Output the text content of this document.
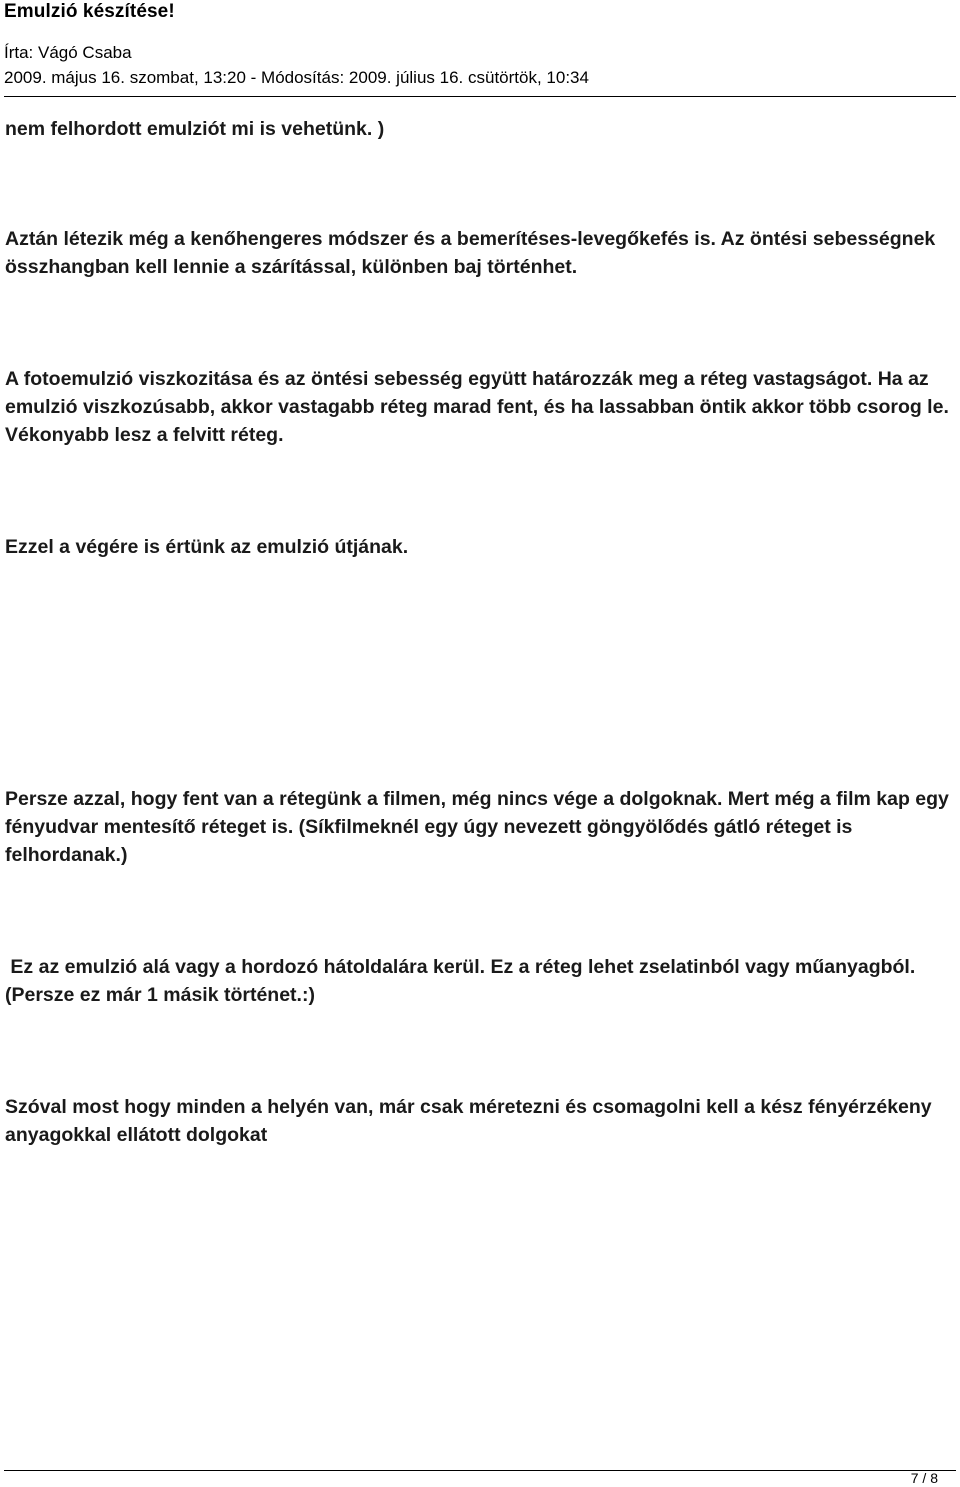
Emulzió készítése!
Írta: Vágó Csaba
2009. május 16. szombat, 13:20 - Módosítás: 2009. július 16. csütörtök, 10:34
nem felhordott emulziót mi is vehetünk. )
Aztán létezik még a kenőhengeres módszer és a bemerítéses-levegőkefés is. Az öntési sebességnek összhangban kell lennie a szárítással, különben baj történhet.
A fotoemulzió viszkozitása és az öntési sebesség együtt határozzák meg a réteg vastagságot. Ha az emulzió viszkozúsabb, akkor vastagabb réteg marad fent, és ha lassabban öntik akkor több csorog le. Vékonyabb lesz a felvitt réteg.
Ezzel a végére is értünk az emulzió útjának.
Persze azzal, hogy fent van a rétegünk a filmen, még nincs vége a dolgoknak. Mert még a film kap egy fényudvar mentesítő réteget is. (Síkfilmeknél egy úgy nevezett göngyölődés gátló réteget is felhordanak.)
Ez az emulzió alá vagy a hordozó hátoldalára kerül. Ez a réteg lehet zselatinból vagy műanyagból. (Persze ez már 1 másik történet.:)
Szóval most hogy minden a helyén van, már csak méretezni és csomagolni kell a kész fényérzékeny anyagokkal ellátott dolgokat
7 / 8
